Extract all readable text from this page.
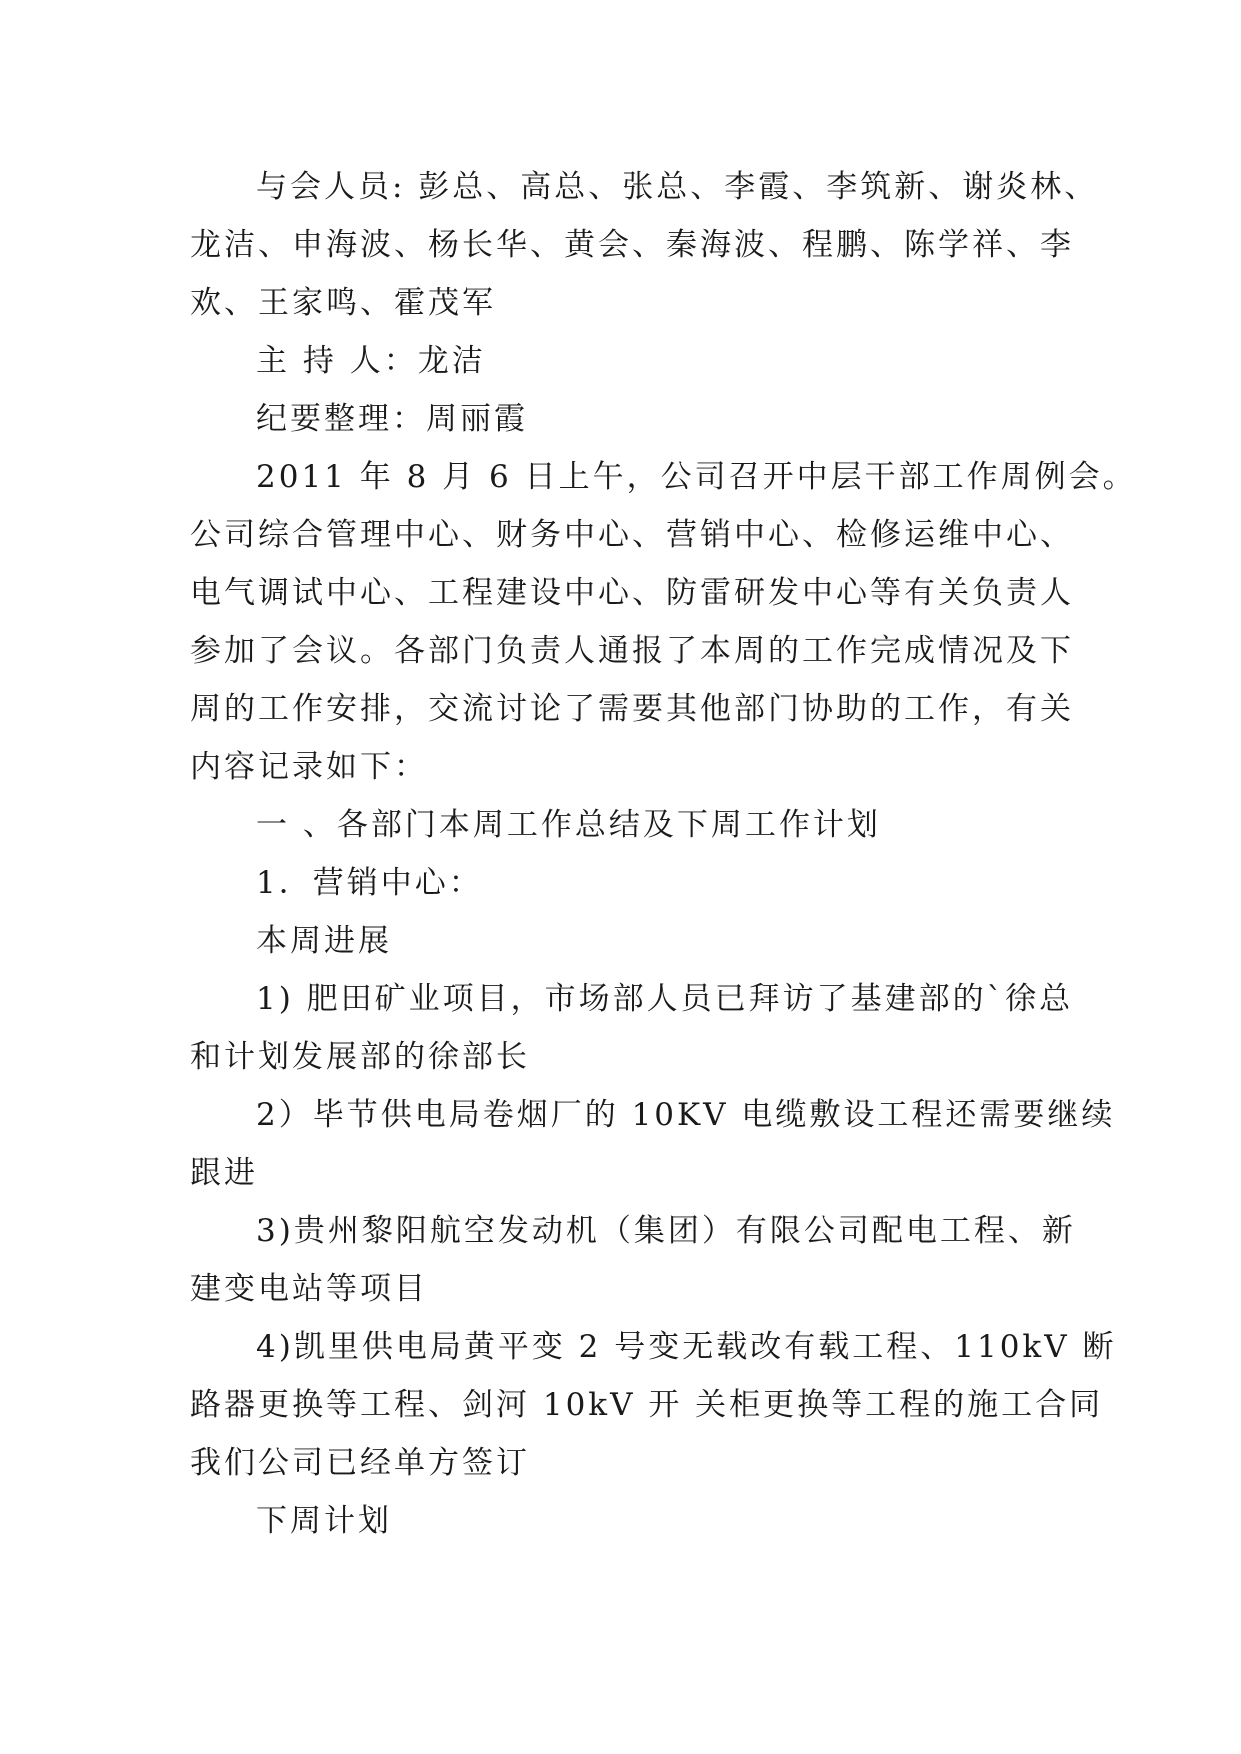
与会人员: 彭总、高总、张总、李霞、李筑新、谢炎林、
龙洁、申海波、杨长华、黄会、秦海波、程鹏、陈学祥、李
欢、王家鸣、霍茂军
主 持 人：龙洁
纪要整理：周丽霞
2011 年 8 月 6 日上午，公司召开中层干部工作周例会。
公司综合管理中心、财务中心、营销中心、检修运维中心、
电气调试中心、工程建设中心、防雷研发中心等有关负责人
参加了会议。各部门负责人通报了本周的工作完成情况及下
周的工作安排，交流讨论了需要其他部门协助的工作，有关
内容记录如下：
一 、各部门本周工作总结及下周工作计划
1．营销中心：
本周进展
1) 肥田矿业项目，市场部人员已拜访了基建部的`徐总
和计划发展部的徐部长
2）毕节供电局卷烟厂的 10KV 电缆敷设工程还需要继续
跟进
3)贵州黎阳航空发动机（集团）有限公司配电工程、新
建变电站等项目
4)凯里供电局黄平变 2 号变无载改有载工程、110kV 断
路器更换等工程、剑河 10kV 开 关柜更换等工程的施工合同
我们公司已经单方签订
下周计划
